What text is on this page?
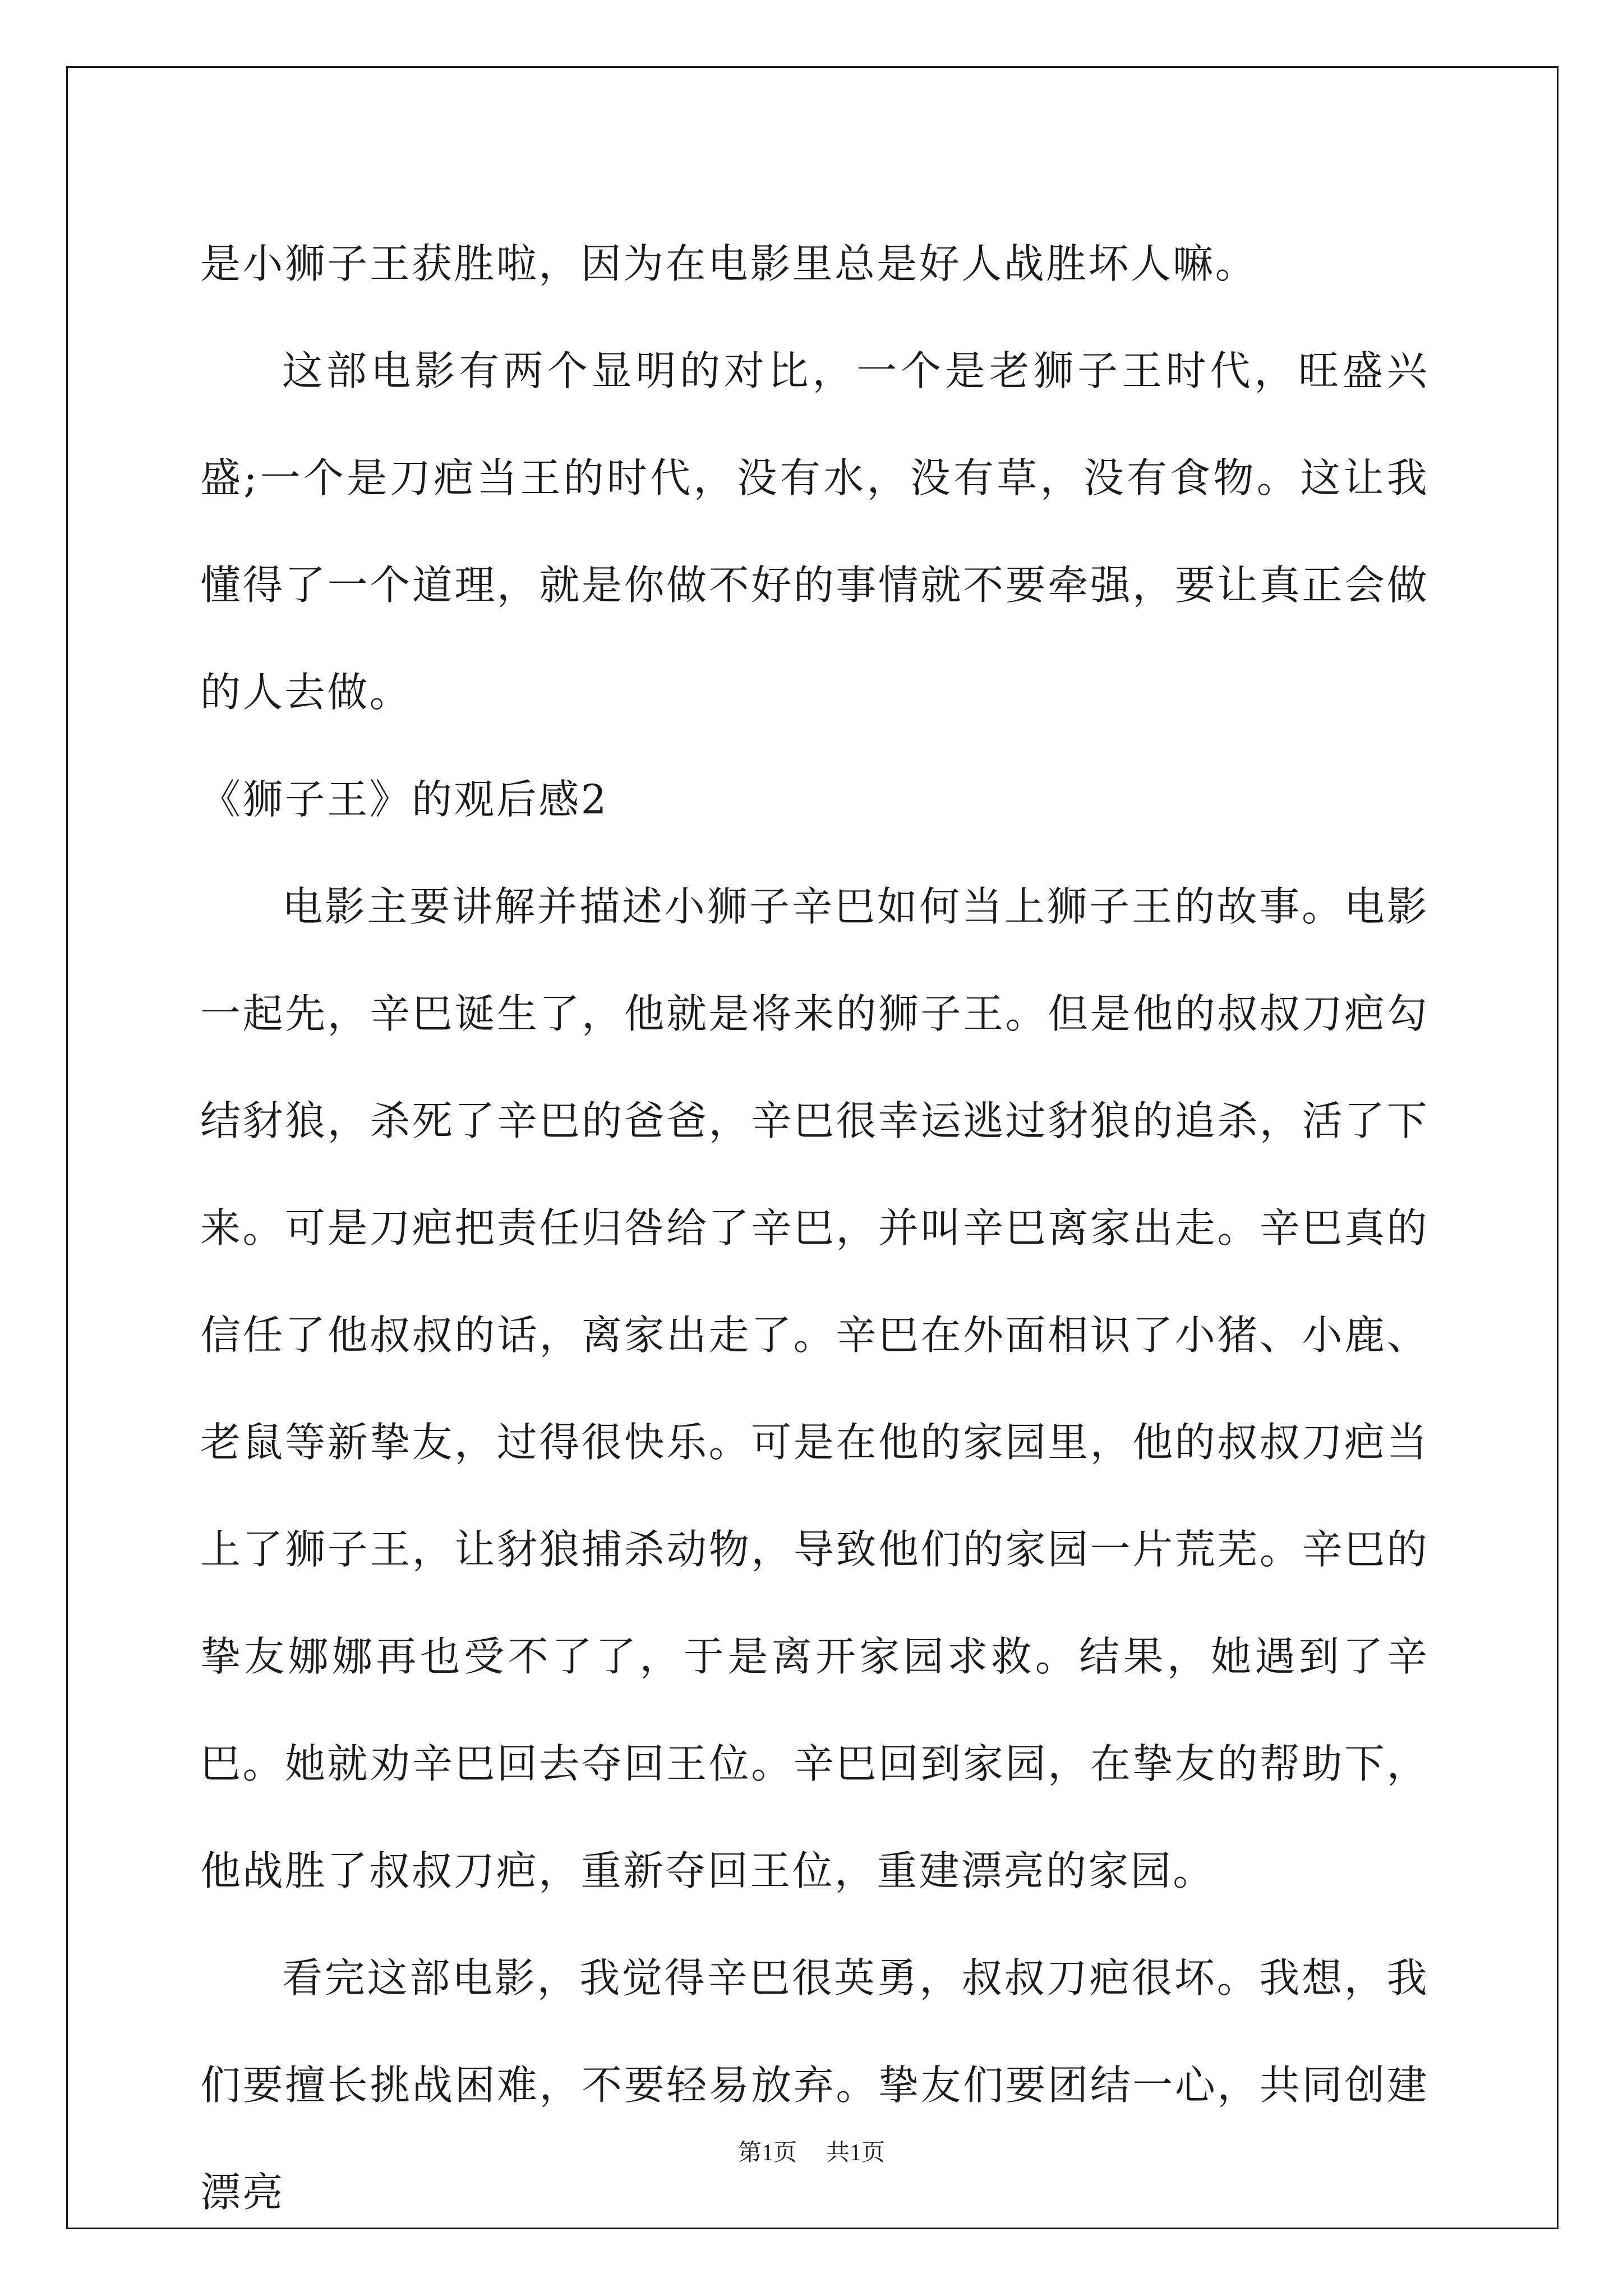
是小狮子王获胜啦，因为在电影里总是好人战胜坏人嘛。

这部电影有两个显明的对比，一个是老狮子王时代，旺盛兴盛;一个是刀疤当王的时代，没有水，没有草，没有食物。这让我懂得了一个道理，就是你做不好的事情就不要牵强，要让真正会做的人去做。

《狮子王》的观后感2

电影主要讲解并描述小狮子辛巴如何当上狮子王的故事。电影一起先，辛巴诞生了，他就是将来的狮子王。但是他的叔叔刀疤勾结豺狼，杀死了辛巴的爸爸，辛巴很幸运逃过豺狼的追杀，活了下来。可是刀疤把责任归咎给了辛巴，并叫辛巴离家出走。辛巴真的信任了他叔叔的话，离家出走了。辛巴在外面相识了小猪、小鹿、老鼠等新挚友，过得很快乐。可是在他的家园里，他的叔叔刀疤当上了狮子王，让豺狼捕杀动物，导致他们的家园一片荒芜。辛巴的挚友娜娜再也受不了了，于是离开家园求救。结果，她遇到了辛巴。她就劝辛巴回去夺回王位。辛巴回到家园，在挚友的帮助下，他战胜了叔叔刀疤，重新夺回王位，重建漂亮的家园。

看完这部电影，我觉得辛巴很英勇，叔叔刀疤很坏。我想，我们要擅长挑战困难，不要轻易放弃。挚友们要团结一心，共同创建漂亮

第1页 共1页
